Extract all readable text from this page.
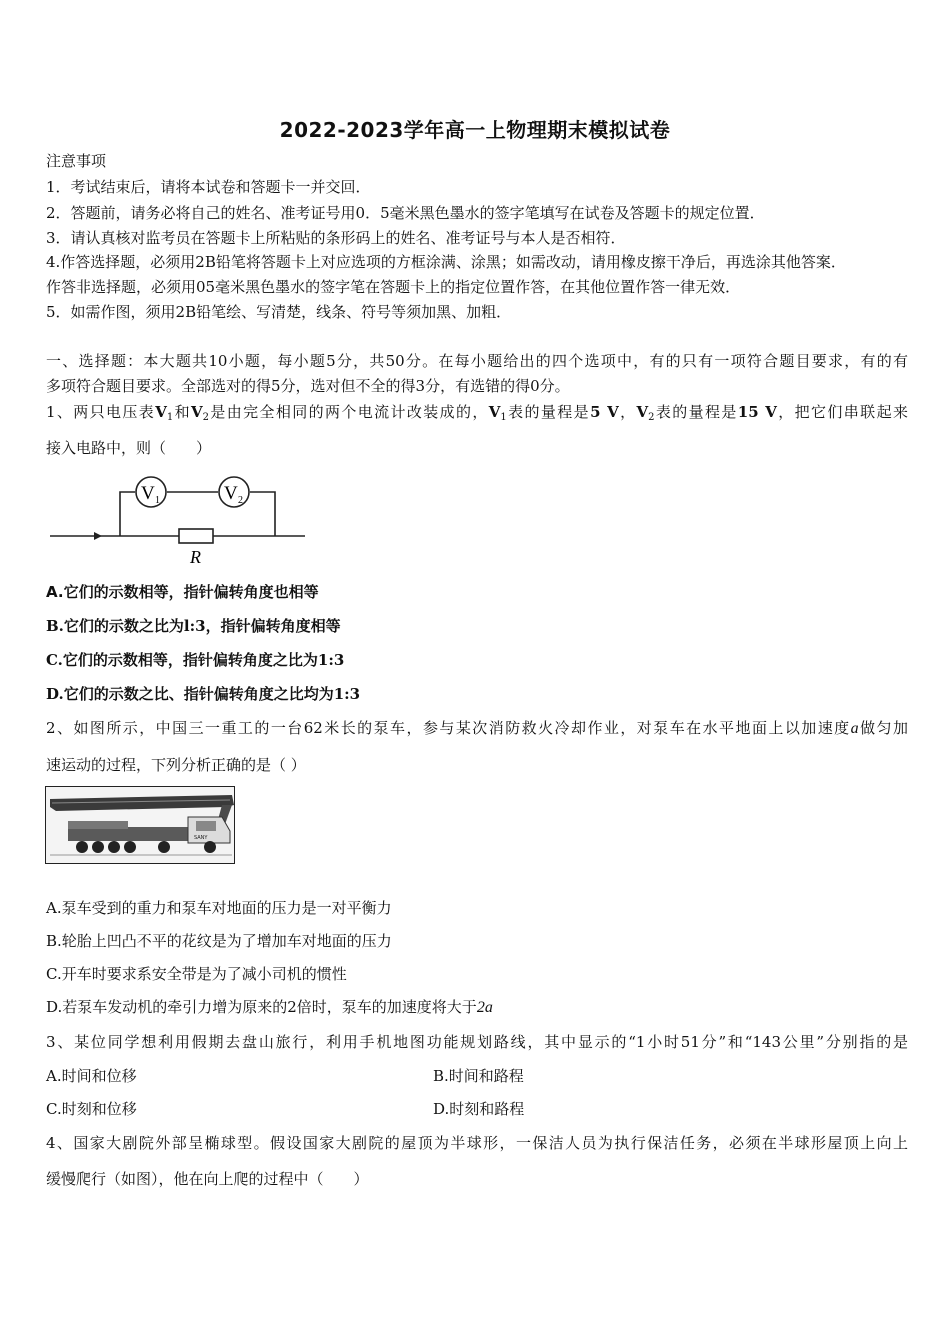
2022-2023学年高一上物理期末模拟试卷
注意事项
1．考试结束后，请将本试卷和答题卡一并交回．
2．答题前，请务必将自己的姓名、准考证号用0．5毫米黑色墨水的签字笔填写在试卷及答题卡的规定位置．
3．请认真核对监考员在答题卡上所粘贴的条形码上的姓名、准考证号与本人是否相符．
4.作答选择题，必须用2B铅笔将答题卡上对应选项的方框涂满、涂黑；如需改动，请用橡皮擦干净后，再选涂其他答案．
作答非选择题，必须用05毫米黑色墨水的签字笔在答题卡上的指定位置作答，在其他位置作答一律无效．
5．如需作图，须用2B铅笔绘、写清楚，线条、符号等须加黑、加粗．
一、选择题：本大题共10小题，每小题5分，共50分。在每小题给出的四个选项中，有的只有一项符合题目要求，有的有
多项符合题目要求。全部选对的得5分，选对但不全的得3分，有选错的得0分。
1、两只电压表$V_1$和$V_2$是由完全相同的两个电流计改装成的，$V_1$表的量程是5 V，$V_2$表的量程是15 V，把它们串联起来
接入电路中，则（　　）
V 1	V 2
R
A.它们的示数相等，指针偏转角度也相等
B.它们的示数之比为l:3，指针偏转角度相等
C.它们的示数相等，指针偏转角度之比为1:3
D.它们的示数之比、指针偏转角度之比均为1:3
2、如图所示，中国三一重工的一台62米长的泵车，参与某次消防救火冷却作业，对泵车在水平地面上以加速度a做匀加
速运动的过程，下列分析正确的是（ ）
SANY
A.泵车受到的重力和泵车对地面的压力是一对平衡力
B.轮胎上凹凸不平的花纹是为了增加车对地面的压力
C.开车时要求系安全带是为了减小司机的惯性
D.若泵车发动机的牵引力增为原来的2倍时，泵车的加速度将大于2a
3、某位同学想利用假期去盘山旅行，利用手机地图功能规划路线，其中显示的“1小时51分”和“143公里”分别指的是
A.时间和位移	B.时间和路程
C.时刻和位移	D.时刻和路程
4、国家大剧院外部呈椭球型。假设国家大剧院的屋顶为半球形，一保洁人员为执行保洁任务，必须在半球形屋顶上向上
缓慢爬行（如图），他在向上爬的过程中（　　）
